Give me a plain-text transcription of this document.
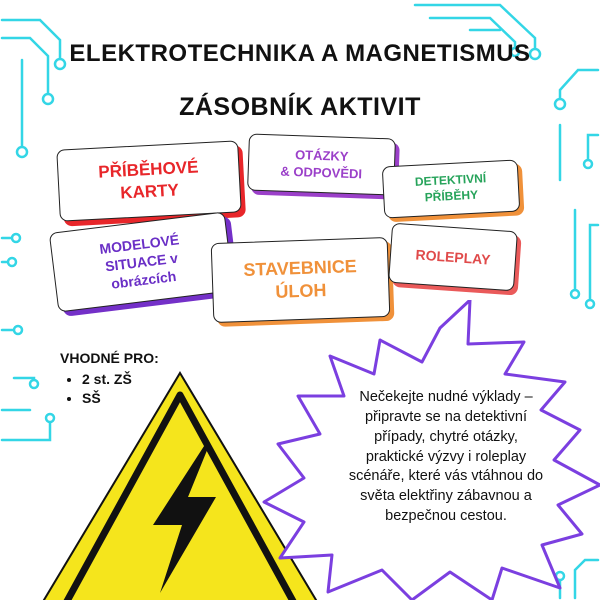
ELEKTROTECHNIKA A MAGNETISMUS
ZÁSOBNÍK AKTIVIT
PŘÍBĚHOVÉ
KARTY
OTÁZKY
& ODPOVĚDI	DETEKTIVNÍ
PŘÍBĚHY
MODELOVÉ
SITUACE v
obrázcích
STAVEBNICE
ÚLOH
ROLEPLAY
VHODNÉ PRO:
• 2 st. ZŠ
• SŠ	Nečekejte nudné výklady –
připravte se na detektivní
případy, chytré otázky,
praktické výzvy i roleplay
scénáře, které vás vtáhnou do
světa elektřiny zábavnou a
bezpečnou cestou.
